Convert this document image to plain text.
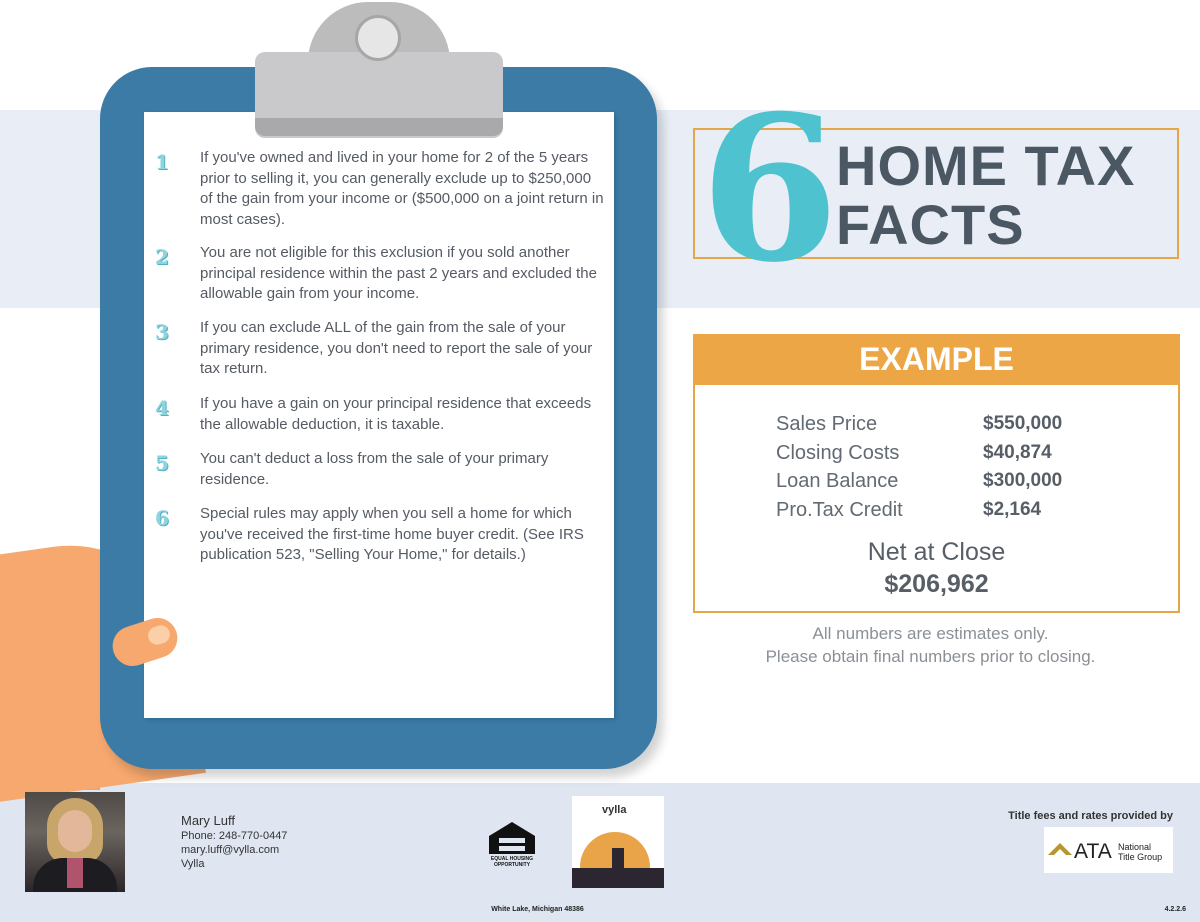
1	If you've owned and lived in your home for 2 of the 5 years prior to selling it, you can generally exclude up to $250,000 of the gain from your income or ($500,000 on a joint return in most cases).
2	You are not eligible for this exclusion if you sold another principal residence within the past 2 years and excluded the allowable gain from your income.
3	If you can exclude ALL of the gain from the sale of your primary residence, you don't need to report the sale of your tax return.
4	If you have a gain on your principal residence that exceeds the allowable deduction, it is taxable.
5	You can't deduct a loss from the sale of your primary residence.
6	Special rules may apply when you sell a home for which you've received the first-time home buyer credit. (See IRS publication 523, "Selling Your Home," for details.)
6
HOME TAX
FACTS
EXAMPLE
Sales Price	$550,000
Closing Costs	$40,874
Loan Balance	$300,000
Pro.Tax Credit	$2,164
Net at Close
$206,962
All numbers are estimates only.
Please obtain final numbers prior to closing.
Mary Luff
Phone: 248-770-0447
mary.luff@vylla.com
Vylla	EQUAL HOUSING OPPORTUNITY
vylla	Title fees and rates provided by
ATA National
Title Group
White Lake, Michigan 48386	4.2.2.6
